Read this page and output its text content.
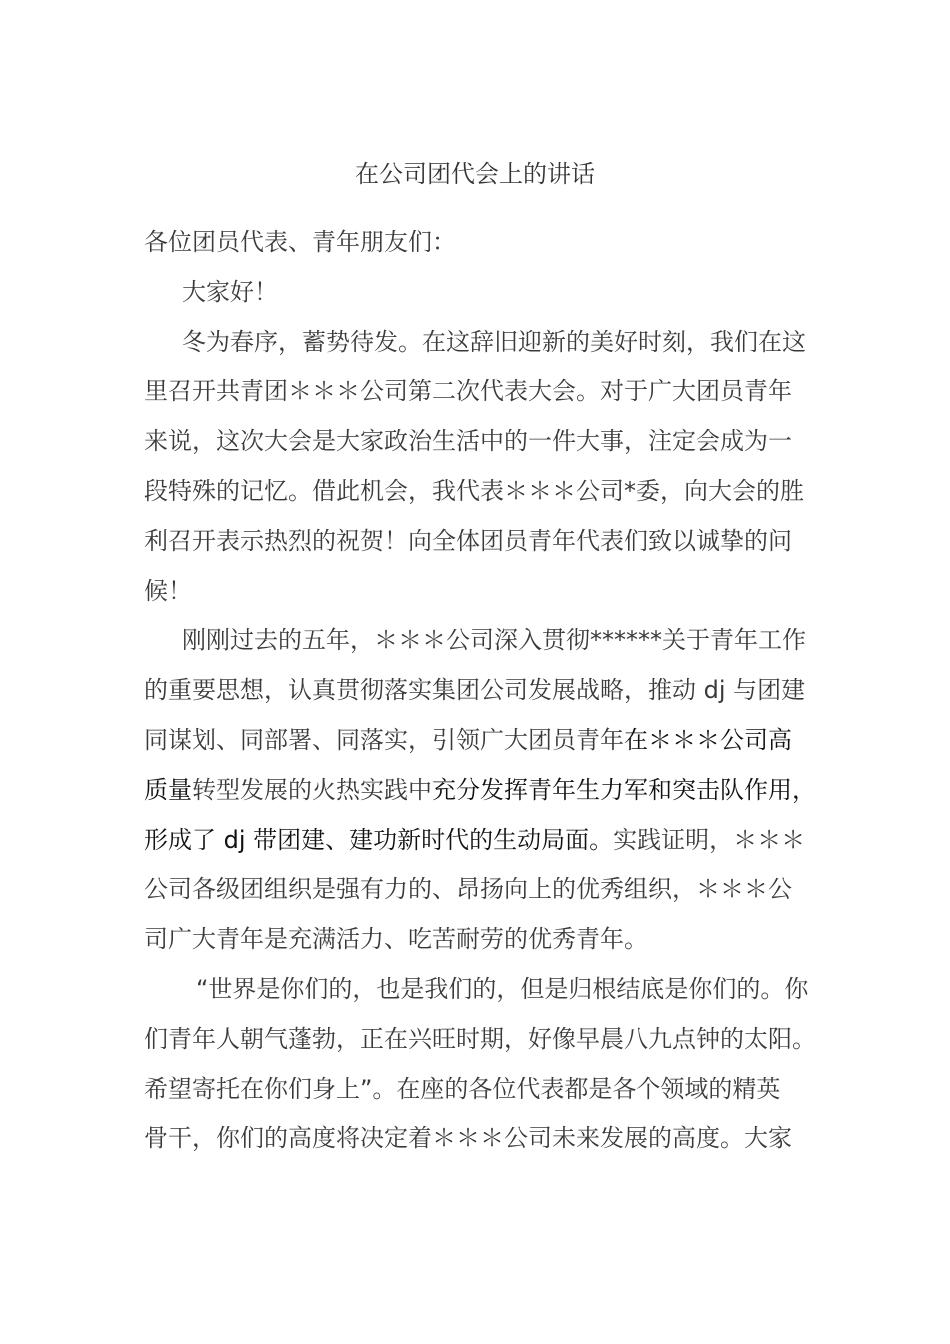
在公司团代会上的讲话
各位团员代表、青年朋友们：
大家好！
冬为春序，蓄势待发。在这辞旧迎新的美好时刻，我们在这
里召开共青团＊＊＊公司第二次代表大会。对于广大团员青年
来说，这次大会是大家政治生活中的一件大事，注定会成为一
段特殊的记忆。借此机会，我代表＊＊＊公司*委，向大会的胜
利召开表示热烈的祝贺！向全体团员青年代表们致以诚挚的问
候！
刚刚过去的五年，＊＊＊公司深入贯彻******关于青年工作
的重要思想，认真贯彻落实集团公司发展战略，推动 dj 与团建
同谋划、同部署、同落实，引领广大团员青年在＊＊＊公司高
质量转型发展的火热实践中充分发挥青年生力军和突击队作用，
形成了 dj 带团建、建功新时代的生动局面。实践证明，＊＊＊
公司各级团组织是强有力的、昂扬向上的优秀组织，＊＊＊公
司广大青年是充满活力、吃苦耐劳的优秀青年。
“世界是你们的，也是我们的，但是归根结底是你们的。你
们青年人朝气蓬勃，正在兴旺时期，好像早晨八九点钟的太阳。
希望寄托在你们身上”。在座的各位代表都是各个领域的精英
骨干，你们的高度将决定着＊＊＊公司未来发展的高度。大家
